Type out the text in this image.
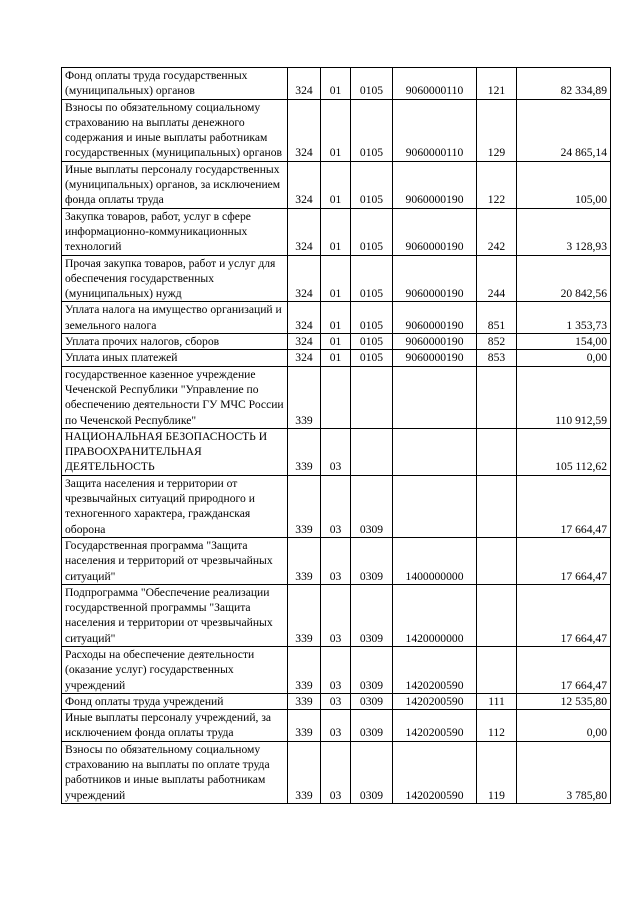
Фонд оплаты труда государственных (муниципальных) органов	324	01	0105	9060000110	121	82 334,89
Взносы по обязательному социальному страхованию на выплаты денежного содержания и иные выплаты работникам государственных (муниципальных) органов	324	01	0105	9060000110	129	24 865,14
Иные выплаты персоналу государственных (муниципальных) органов, за исключением фонда оплаты труда	324	01	0105	9060000190	122	105,00
Закупка товаров, работ, услуг в сфере информационно-коммуникационных технологий	324	01	0105	9060000190	242	3 128,93
Прочая закупка товаров, работ и услуг для обеспечения государственных (муниципальных) нужд	324	01	0105	9060000190	244	20 842,56
Уплата налога на имущество организаций и земельного налога	324	01	0105	9060000190	851	1 353,73
Уплата прочих налогов, сборов	324	01	0105	9060000190	852	154,00
Уплата иных платежей	324	01	0105	9060000190	853	0,00
государственное казенное учреждение Чеченской Республики "Управление по обеспечению деятельности ГУ МЧС России по Чеченской Республике"	339					110 912,59
НАЦИОНАЛЬНАЯ БЕЗОПАСНОСТЬ И ПРАВООХРАНИТЕЛЬНАЯ ДЕЯТЕЛЬНОСТЬ	339	03				105 112,62
Защита населения и территории от чрезвычайных ситуаций природного и техногенного характера, гражданская оборона	339	03	0309			17 664,47
Государственная программа "Защита населения и территорий от чрезвычайных ситуаций"	339	03	0309	1400000000		17 664,47
Подпрограмма "Обеспечение реализации государственной программы "Защита населения и территории от чрезвычайных ситуаций"	339	03	0309	1420000000		17 664,47
Расходы на обеспечение деятельности (оказание услуг) государственных учреждений	339	03	0309	1420200590		17 664,47
Фонд оплаты труда учреждений	339	03	0309	1420200590	111	12 535,80
Иные выплаты персоналу учреждений, за исключением фонда оплаты труда	339	03	0309	1420200590	112	0,00
Взносы по обязательному социальному страхованию на выплаты по оплате труда работников и иные выплаты работникам учреждений	339	03	0309	1420200590	119	3 785,80
